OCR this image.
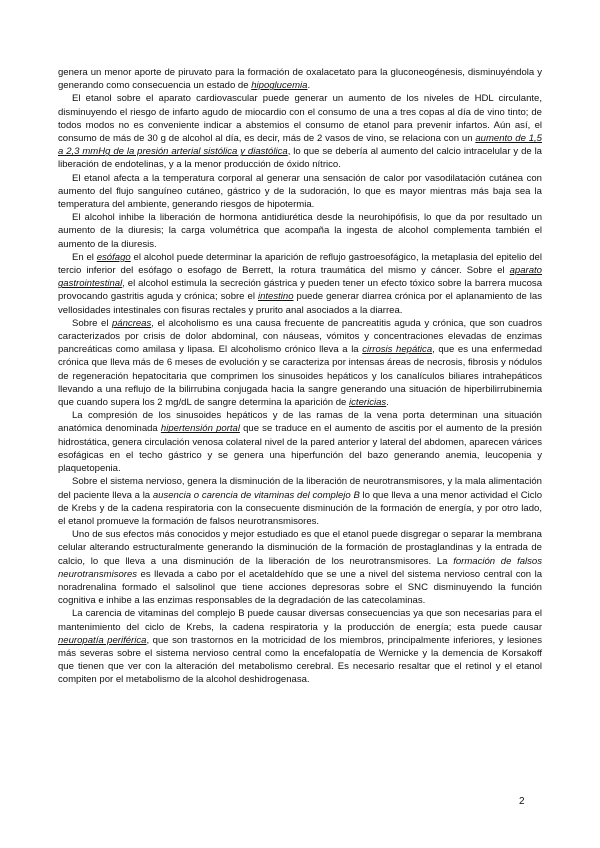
genera un menor aporte de piruvato para la formación de oxalacetato para la gluconeogénesis, disminuyéndola y generando como consecuencia un estado de hipoglucemia.

El etanol sobre el aparato cardiovascular puede generar un aumento de los niveles de HDL circulante, disminuyendo el riesgo de infarto agudo de miocardio con el consumo de una a tres copas al día de vino tinto; de todos modos no es conveniente indicar a abstemios el consumo de etanol para prevenir infartos. Aún así, el consumo de más de 30 g de alcohol al día, es decir, más de 2 vasos de vino, se relaciona con un aumento de 1,5 a 2,3 mmHg de la presión arterial sistólica y diastólica, lo que se debería al aumento del calcio intracelular y de la liberación de endotelinas, y a la menor producción de óxido nítrico.

El etanol afecta a la temperatura corporal al generar una sensación de calor por vasodilatación cutánea con aumento del flujo sanguíneo cutáneo, gástrico y de la sudoración, lo que es mayor mientras más baja sea la temperatura del ambiente, generando riesgos de hipotermia.

El alcohol inhibe la liberación de hormona antidiurética desde la neurohipófisis, lo que da por resultado un aumento de la diuresis; la carga volumétrica que acompaña la ingesta de alcohol complementa también el aumento de la diuresis.

En el esófago el alcohol puede determinar la aparición de reflujo gastroesofágico, la metaplasia del epitelio del tercio inferior del esófago o esofago de Berrett, la rotura traumática del mismo y cáncer. Sobre el aparato gastrointestinal, el alcohol estimula la secreción gástrica y pueden tener un efecto tóxico sobre la barrera mucosa provocando gastritis aguda y crónica; sobre el intestino puede generar diarrea crónica por el aplanamiento de las vellosidades intestinales con fisuras rectales y prurito anal asociados a la diarrea.

Sobre el páncreas, el alcoholismo es una causa frecuente de pancreatitis aguda y crónica, que son cuadros caracterizados por crisis de dolor abdominal, con náuseas, vómitos y concentraciones elevadas de enzimas pancreáticas como amilasa y lipasa. El alcoholismo crónico lleva a la cirrosis hepática, que es una enfermedad crónica que lleva más de 6 meses de evolución y se caracteriza por intensas áreas de necrosis, fibrosis y nódulos de regeneración hepatocitaria que comprimen los sinusoides hepáticos y los canalículos biliares intrahepáticos llevando a una reflujo de la bilirrubina conjugada hacia la sangre generando una situación de hiperbilirrubinemia que cuando supera los 2 mg/dL de sangre determina la aparición de ictericias.

La compresión de los sinusoides hepáticos y de las ramas de la vena porta determinan una situación anatómica denominada hipertensión portal que se traduce en el aumento de ascitis por el aumento de la presión hidrostática, genera circulación venosa colateral nivel de la pared anterior y lateral del abdomen, aparecen várices esofágicas en el techo gástrico y se genera una hiperfunción del bazo generando anemia, leucopenia y plaquetopenia.

Sobre el sistema nervioso, genera la disminución de la liberación de neurotransmisores, y la mala alimentación del paciente lleva a la ausencia o carencia de vitaminas del complejo B lo que lleva a una menor actividad el Ciclo de Krebs y de la cadena respiratoria con la consecuente disminución de la formación de energía, y por otro lado, el etanol promueve la formación de falsos neurotransmisores.

Uno de sus efectos más conocidos y mejor estudiado es que el etanol puede disgregar o separar la membrana celular alterando estructuralmente generando la disminución de la formación de prostaglandinas y la entrada de calcio, lo que lleva a una disminución de la liberación de los neurotransmisores. La formación de falsos neurotransmisores es llevada a cabo por el acetaldehído que se une a nivel del sistema nervioso central con la noradrenalina formado el salsolinol que tiene acciones depresoras sobre el SNC disminuyendo la función cognitiva e inhibe a las enzimas responsables de la degradación de las catecolaminas.

La carencia de vitaminas del complejo B puede causar diversas consecuencias ya que son necesarias para el mantenimiento del ciclo de Krebs, la cadena respiratoria y la producción de energía; esta puede causar neuropatía periférica, que son trastornos en la motricidad de los miembros, principalmente inferiores, y lesiones más severas sobre el sistema nervioso central como la encefalopatía de Wernicke y la demencia de Korsakoff que tienen que ver con la alteración del metabolismo cerebral. Es necesario resaltar que el retinol y el etanol compiten por el metabolismo de la alcohol deshidrogenasa.

2
